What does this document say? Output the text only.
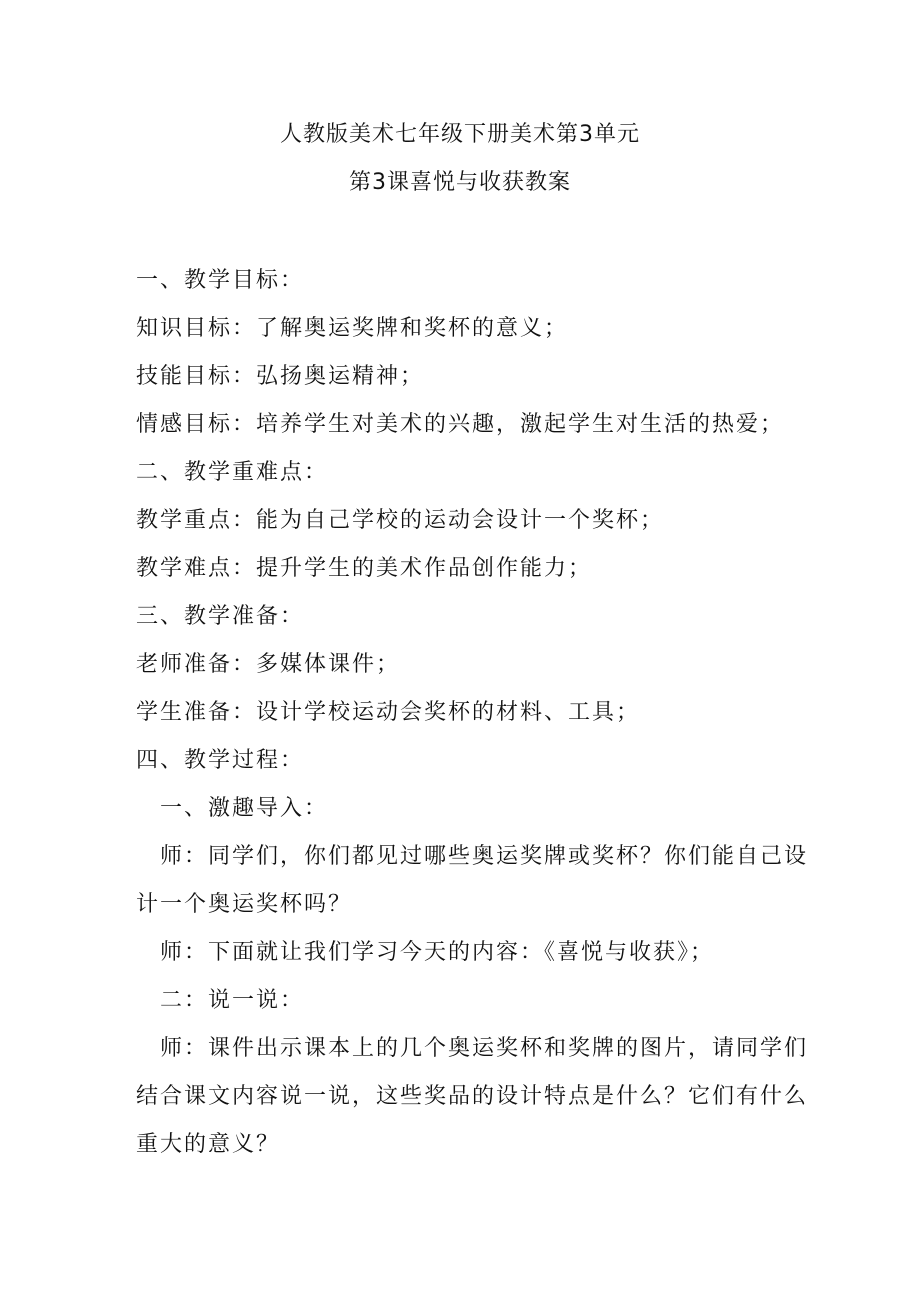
人教版美术七年级下册美术第3单元
第3课喜悦与收获教案
一、教学目标：
知识目标：了解奥运奖牌和奖杯的意义；
技能目标：弘扬奥运精神；
情感目标：培养学生对美术的兴趣，激起学生对生活的热爱；
二、教学重难点：
教学重点：能为自己学校的运动会设计一个奖杯；
教学难点：提升学生的美术作品创作能力；
三、教学准备：
老师准备：多媒体课件；
学生准备：设计学校运动会奖杯的材料、工具；
四、教学过程：
一、激趣导入：
师：同学们，你们都见过哪些奥运奖牌或奖杯？你们能自己设
计一个奥运奖杯吗？
师：下面就让我们学习今天的内容：《喜悦与收获》；
二：说一说：
师：课件出示课本上的几个奥运奖杯和奖牌的图片，请同学们
结合课文内容说一说，这些奖品的设计特点是什么？它们有什么
重大的意义？
